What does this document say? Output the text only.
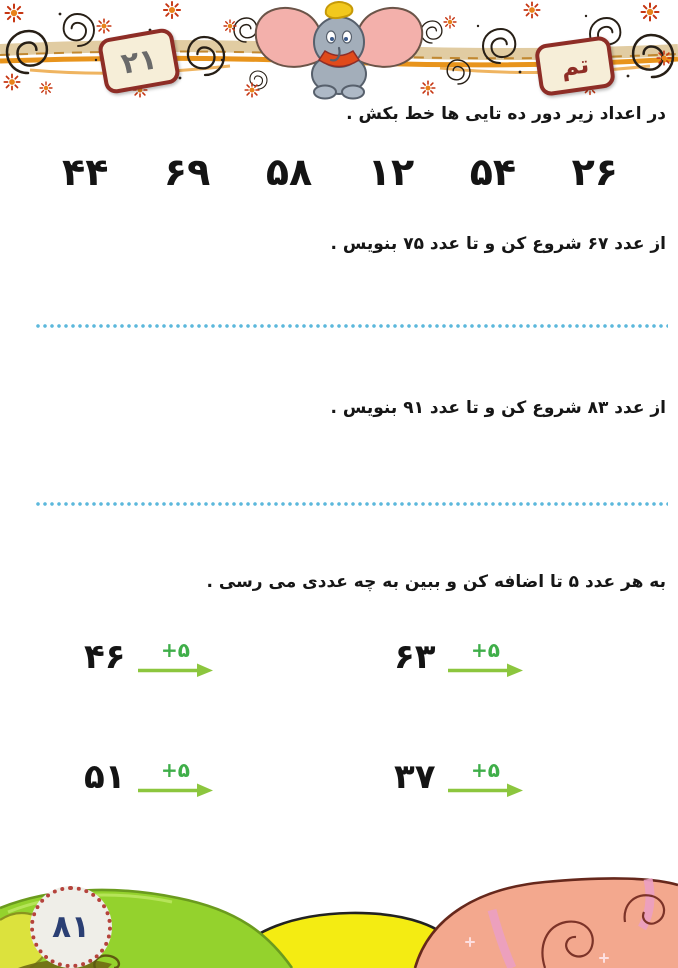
۲۱	تم

در اعداد زیر دور ده تایی ها خط بکش .

۴۴ ۶۹ ۵۸ ۱۲ ۵۴ ۲۶

از عدد ۶۷ شروع کن و تا عدد ۷۵ بنویس .

از عدد ۸۳ شروع کن و تا عدد ۹۱ بنویس .

به هر عدد ۵ تا اضافه کن و ببین به چه عددی می رسی .

۴۶ +۵	۶۳ +۵
۵۱ +۵	۳۷ +۵
۸۱
